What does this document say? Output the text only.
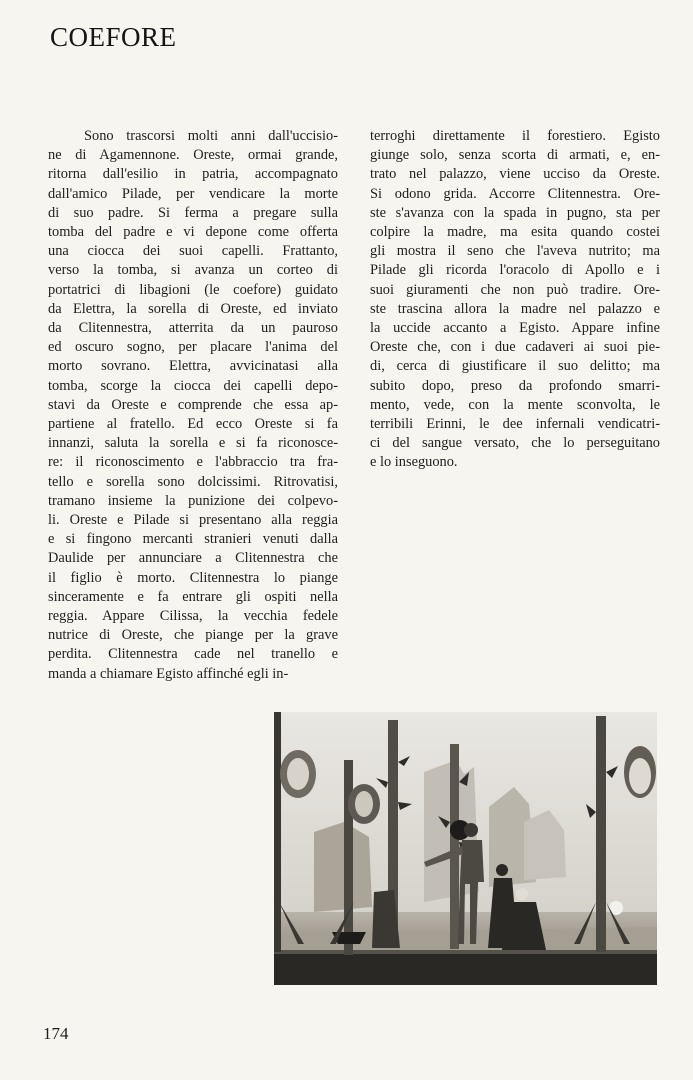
COEFORE
Sono trascorsi molti anni dall'uccisio-
ne di Agamennone. Oreste, ormai grande,
ritorna dall'esilio in patria, accompagnato
dall'amico Pilade, per vendicare la morte
di suo padre. Si ferma a pregare sulla
tomba del padre e vi depone come offerta
una ciocca dei suoi capelli. Frattanto,
verso la tomba, si avanza un corteo di
portatrici di libagioni (le coefore) guidato
da Elettra, la sorella di Oreste, ed inviato
da Clitennestra, atterrita da un pauroso
ed oscuro sogno, per placare l'anima del
morto sovrano. Elettra, avvicinatasi alla
tomba, scorge la ciocca dei capelli depo-
stavi da Oreste e comprende che essa ap-
partiene al fratello. Ed ecco Oreste si fa
innanzi, saluta la sorella e si fa riconosce-
re: il riconoscimento e l'abbraccio tra fra-
tello e sorella sono dolcissimi. Ritrovatisi,
tramano insieme la punizione dei colpevo-
li. Oreste e Pilade si presentano alla reggia
e si fingono mercanti stranieri venuti dalla
Daulide per annunciare a Clitennestra che
il figlio è morto. Clitennestra lo piange
sinceramente e fa entrare gli ospiti nella
reggia. Appare Cilissa, la vecchia fedele
nutrice di Oreste, che piange per la grave
perdita. Clitennestra cade nel tranello e
manda a chiamare Egisto affinché egli in-
terroghi direttamente il forestiero. Egisto
giunge solo, senza scorta di armati, e, en-
trato nel palazzo, viene ucciso da Oreste.
Si odono grida. Accorre Clitennestra. Ore-
ste s'avanza con la spada in pugno, sta per
colpire la madre, ma esita quando costei
gli mostra il seno che l'aveva nutrito; ma
Pilade gli ricorda l'oracolo di Apollo e i
suoi giuramenti che non può tradire. Ore-
ste trascina allora la madre nel palazzo e
la uccide accanto a Egisto. Appare infine
Oreste che, con i due cadaveri ai suoi pie-
di, cerca di giustificare il suo delitto; ma
subito dopo, preso da profondo smarri-
mento, vede, con la mente sconvolta, le
terribili Erinni, le dee infernali vendicatri-
ci del sangue versato, che lo perseguitano
e lo inseguono.
174
